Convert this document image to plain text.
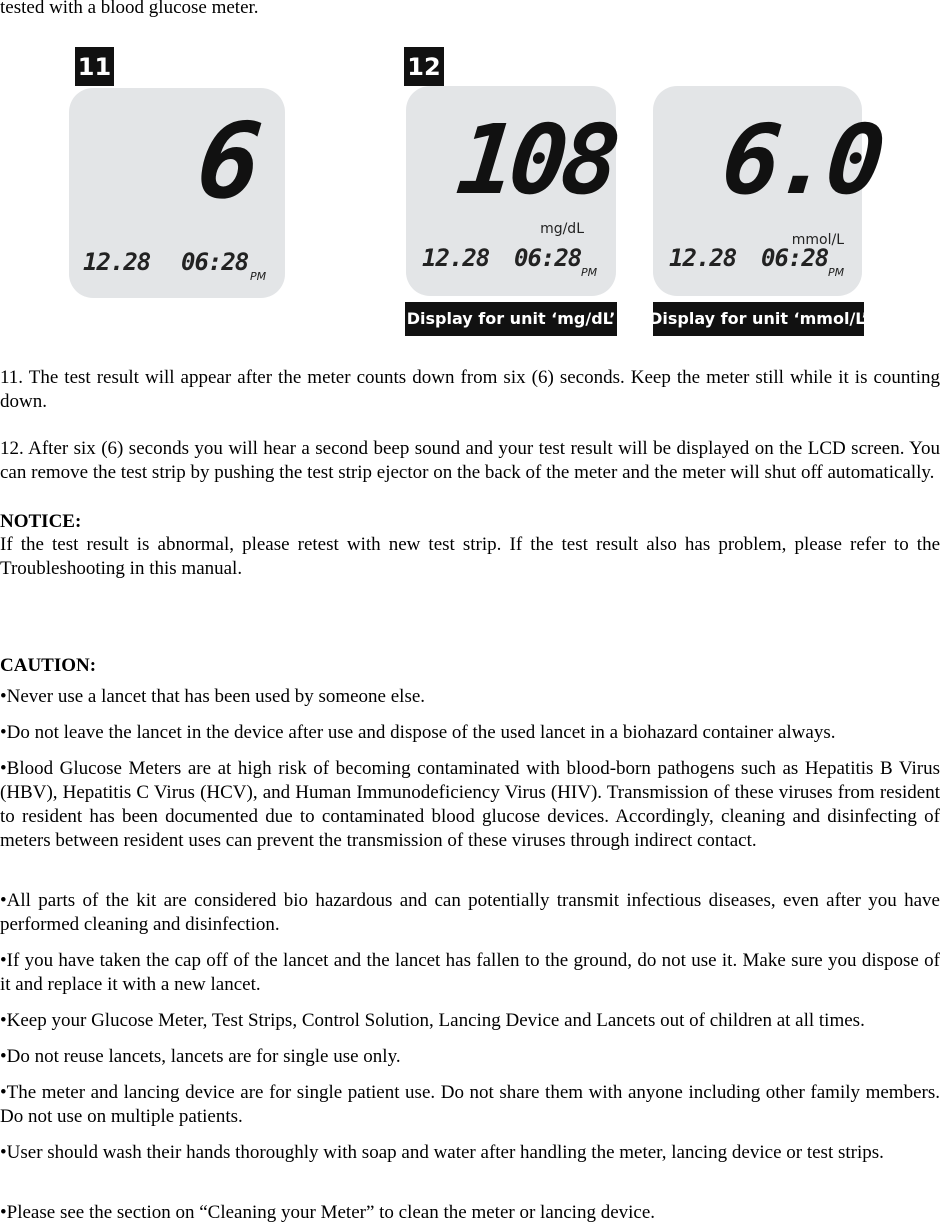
tested with a blood glucose meter.
11	12
6
12.28 06:28
PM
108
mg/dL
12.28 06:28
PM
6.0
mmol/L
12.28 06:28
PM
Display for unit ‘mg/dL’ Display for unit ‘mmol/L’
11. The test result will appear after the meter counts down from six (6) seconds. Keep the meter still while it is counting down.
12. After six (6) seconds you will hear a second beep sound and your test result will be displayed on the LCD screen. You can remove the test strip by pushing the test strip ejector on the back of the meter and the meter will shut off automatically.
NOTICE:
If the test result is abnormal, please retest with new test strip. If the test result also has problem, please refer to the Troubleshooting in this manual.
CAUTION:
•Never use a lancet that has been used by someone else.
•Do not leave the lancet in the device after use and dispose of the used lancet in a biohazard container always.
•Blood Glucose Meters are at high risk of becoming contaminated with blood-born pathogens such as Hepatitis B Virus (HBV), Hepatitis C Virus (HCV), and Human Immunodeficiency Virus (HIV). Transmission of these viruses from resident to resident has been documented due to contaminated blood glucose devices. Accordingly, cleaning and disinfecting of meters between resident uses can prevent the transmission of these viruses through indirect contact.
•All parts of the kit are considered bio hazardous and can potentially transmit infectious diseases, even after you have performed cleaning and disinfection.
•If you have taken the cap off of the lancet and the lancet has fallen to the ground, do not use it. Make sure you dispose of it and replace it with a new lancet.
•Keep your Glucose Meter, Test Strips, Control Solution, Lancing Device and Lancets out of children at all times.
•Do not reuse lancets, lancets are for single use only.
•The meter and lancing device are for single patient use. Do not share them with anyone including other family members. Do not use on multiple patients.
•User should wash their hands thoroughly with soap and water after handling the meter, lancing device or test strips.
•Please see the section on “Cleaning your Meter” to clean the meter or lancing device.
